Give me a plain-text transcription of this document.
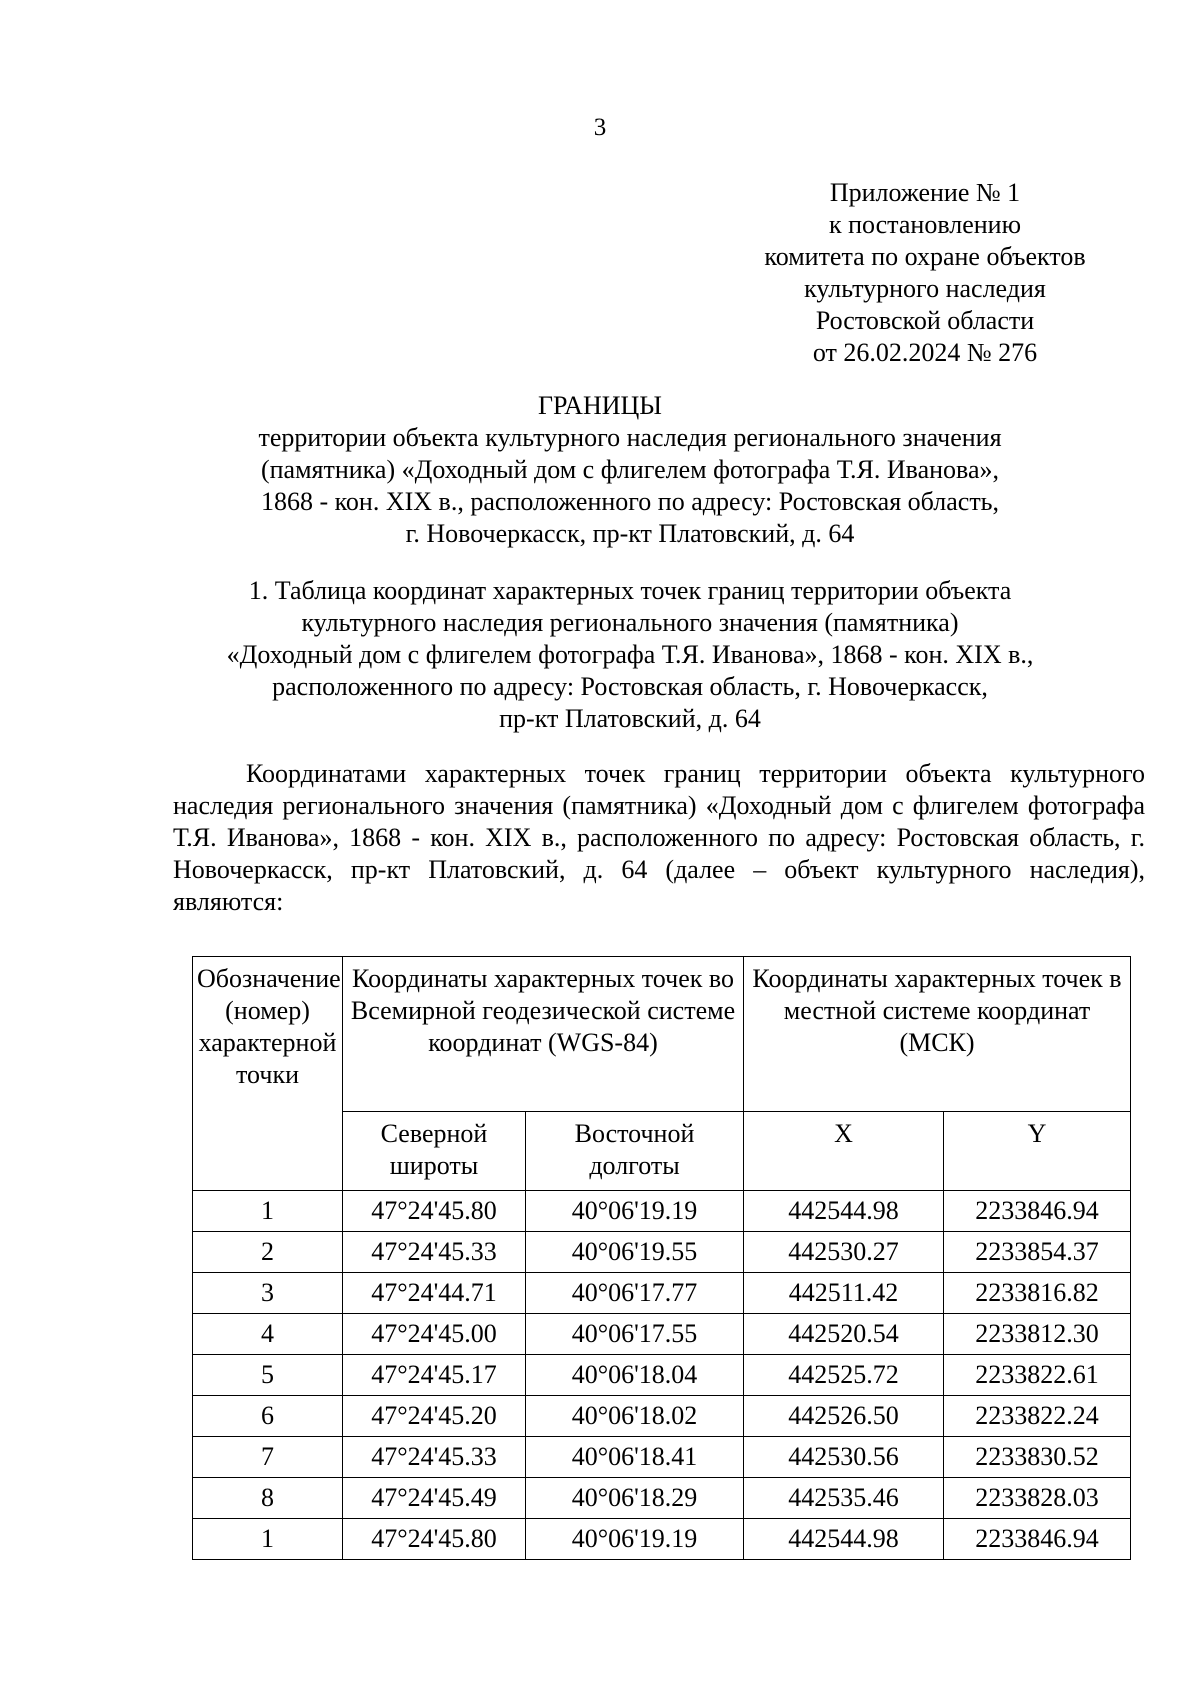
3
Приложение № 1
к постановлению
комитета по охране объектов
культурного наследия
Ростовской области
от 26.02.2024 № 276
ГРАНИЦЫ
территории объекта культурного наследия регионального значения
(памятника) «Доходный дом с флигелем фотографа Т.Я. Иванова»,
1868 - кон. XIX в., расположенного по адресу: Ростовская область,
г. Новочеркасск, пр-кт Платовский, д. 64
1. Таблица координат характерных точек границ территории объекта
культурного наследия регионального значения (памятника)
«Доходный дом с флигелем фотографа Т.Я. Иванова», 1868 - кон. XIX в.,
расположенного по адресу: Ростовская область, г. Новочеркасск,
пр-кт Платовский, д. 64
Координатами характерных точек границ территории объекта культурного наследия регионального значения (памятника) «Доходный дом с флигелем фотографа Т.Я. Иванова», 1868 - кон. XIX в., расположенного по адресу: Ростовская область, г. Новочеркасск, пр-кт Платовский, д. 64 (далее – объект культурного наследия), являются:
Обозначение (номер) характерной точки	Координаты характерных точек во Всемирной геодезической системе координат (WGS-84)		Координаты характерных точек в местной системе координат (МСК)	
	Северной широты	Восточной долготы	X	Y
1	47°24'45.80	40°06'19.19	442544.98	2233846.94
2	47°24'45.33	40°06'19.55	442530.27	2233854.37
3	47°24'44.71	40°06'17.77	442511.42	2233816.82
4	47°24'45.00	40°06'17.55	442520.54	2233812.30
5	47°24'45.17	40°06'18.04	442525.72	2233822.61
6	47°24'45.20	40°06'18.02	442526.50	2233822.24
7	47°24'45.33	40°06'18.41	442530.56	2233830.52
8	47°24'45.49	40°06'18.29	442535.46	2233828.03
1	47°24'45.80	40°06'19.19	442544.98	2233846.94
